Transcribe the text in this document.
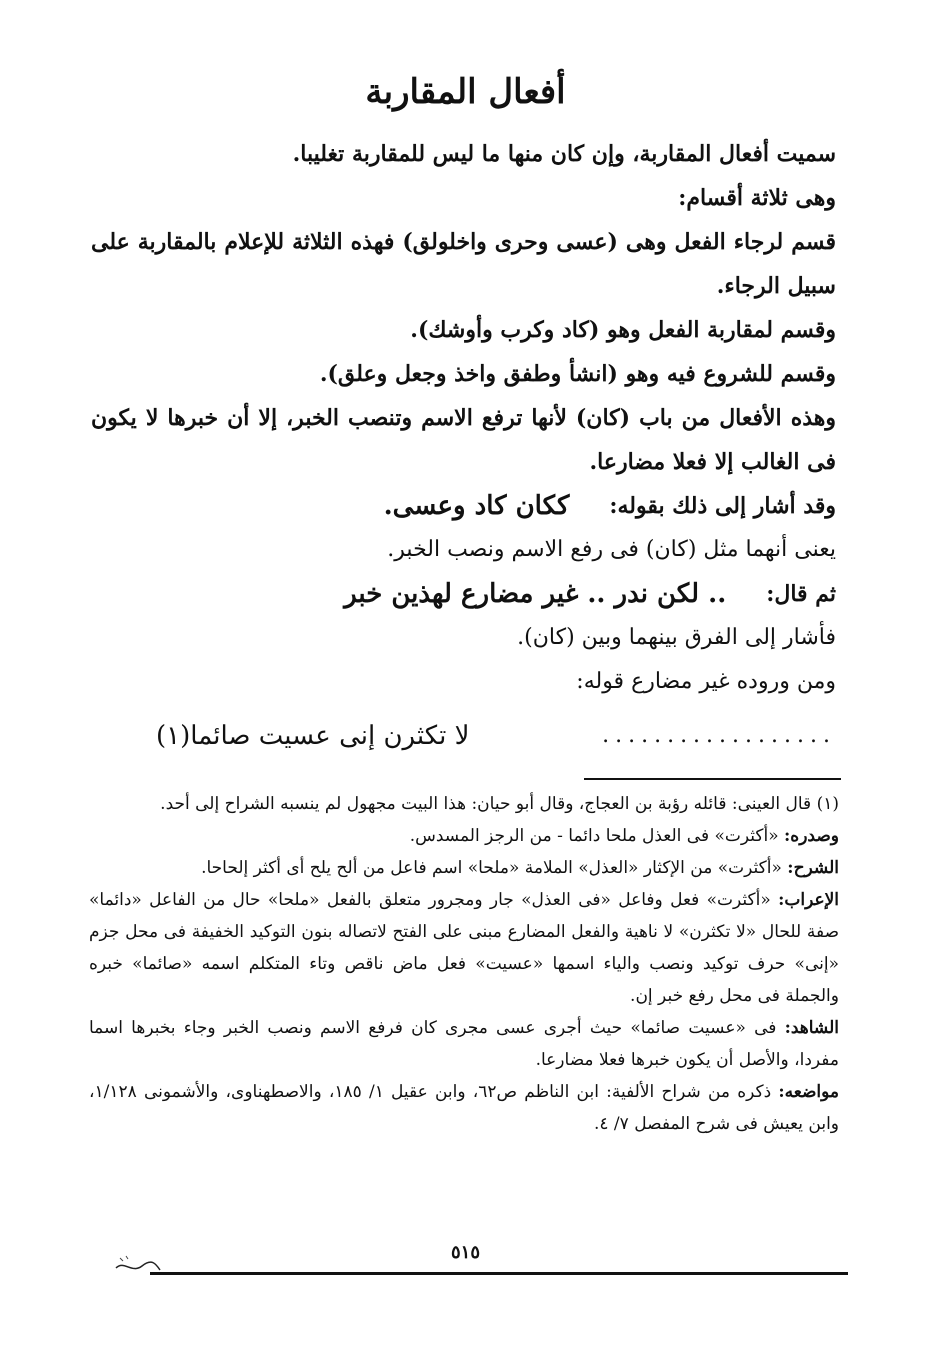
أفعال المقاربة

سميت أفعال المقاربة، وإن كان منها ما ليس للمقاربة تغليبا.

وهى ثلاثة أقسام:

قسم لرجاء الفعل وهى (عسى وحرى واخلولق) فهذه الثلاثة للإعلام بالمقاربة على سبيل الرجاء.

وقسم لمقاربة الفعل وهو (كاد وكرب وأوشك).

وقسم للشروع فيه وهو (انشأ وطفق واخذ وجعل وعلق).

وهذه الأفعال من باب (كان) لأنها ترفع الاسم وتنصب الخبر، إلا أن خبرها لا يكون فى الغالب إلا فعلا مضارعا.

وقد أشار إلى ذلك بقوله:
ككان كاد وعسى.

يعنى أنهما مثل (كان) فى رفع الاسم ونصب الخبر.

ثم قال:
.. لكن ندر .. غير مضارع لهذين خبر

فأشار إلى الفرق بينهما وبين (كان).

ومن وروده غير مضارع قوله:

..................
لا تكثرن إنى عسيت صائما(١)

(١) قال العينى: قائله رؤبة بن العجاج، وقال أبو حيان: هذا البيت مجهول لم ينسبه الشراح إلى أحد.

وصدره: «أكثرت» فى العذل ملحا دائما - من الرجز المسدس.

الشرح: «أكثرت» من الإكثار «العذل» الملامة «ملحا» اسم فاعل من ألح يلح أى أكثر إلحاحا.

الإعراب: «أكثرت» فعل وفاعل «فى العذل» جار ومجرور متعلق بالفعل «ملحا» حال من الفاعل «دائما» صفة للحال «لا تكثرن» لا ناهية والفعل المضارع مبنى على الفتح لاتصاله بنون التوكيد الخفيفة فى محل جزم «إنى» حرف توكيد ونصب والياء اسمها «عسيت» فعل ماض ناقص وتاء المتكلم اسمه «صائما» خبره والجملة فى محل رفع خبر إن.

الشاهد: فى «عسيت صائما» حيث أجرى عسى مجرى كان فرفع الاسم ونصب الخبر وجاء بخبرها اسما مفردا، والأصل أن يكون خبرها فعلا مضارعا.

مواضعه: ذكره من شراح الألفية: ابن الناظم ص٦٢، وابن عقيل ١/ ١٨٥، والاصطهناوى، والأشمونى ١/١٢٨، وابن يعيش فى شرح المفصل ٧/ ٤.

٥١٥
